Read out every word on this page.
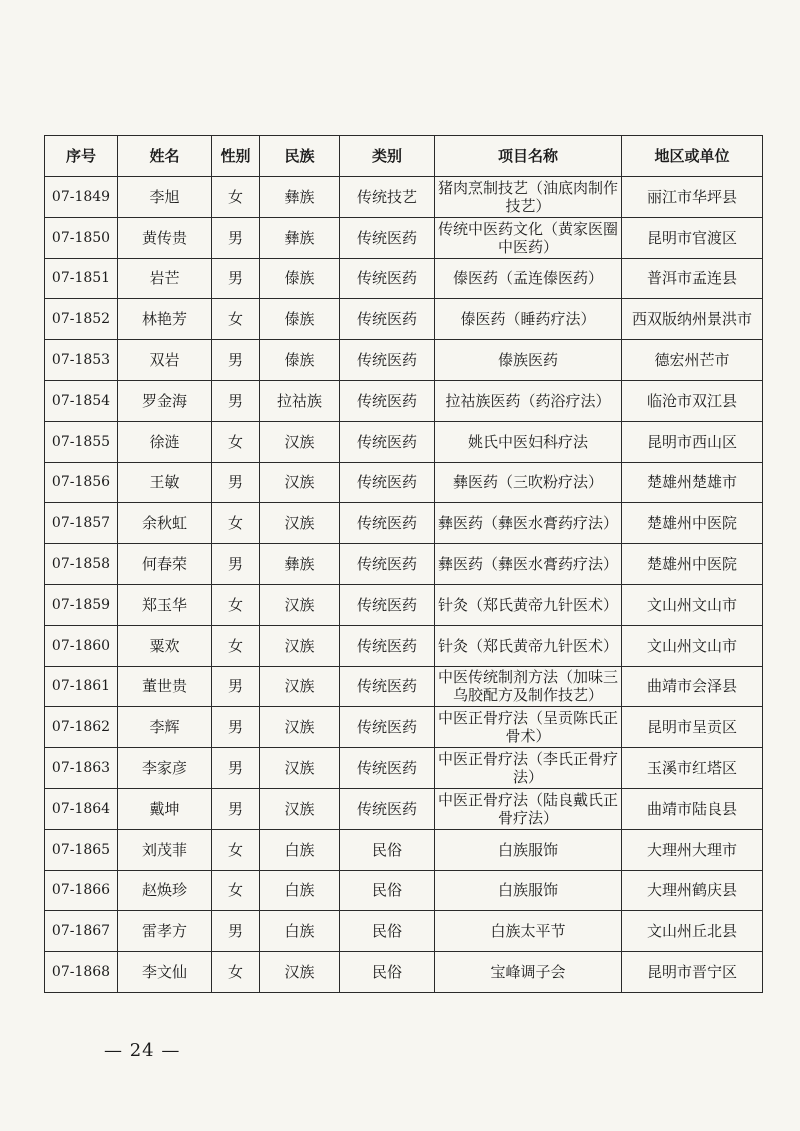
序号	姓名	性别	民族	类别	项目名称	地区或单位
07-1849	李旭	女	彝族	传统技艺	猪肉烹制技艺（油底肉制作技艺）	丽江市华坪县
07-1850	黄传贵	男	彝族	传统医药	传统中医药文化（黄家医圈中医药）	昆明市官渡区
07-1851	岩芒	男	傣族	传统医药	傣医药（孟连傣医药）	普洱市孟连县
07-1852	林艳芳	女	傣族	传统医药	傣医药（睡药疗法）	西双版纳州景洪市
07-1853	双岩	男	傣族	传统医药	傣族医药	德宏州芒市
07-1854	罗金海	男	拉祜族	传统医药	拉祜族医药（药浴疗法）	临沧市双江县
07-1855	徐涟	女	汉族	传统医药	姚氏中医妇科疗法	昆明市西山区
07-1856	王敏	男	汉族	传统医药	彝医药（三吹粉疗法）	楚雄州楚雄市
07-1857	余秋虹	女	汉族	传统医药	彝医药（彝医水膏药疗法）	楚雄州中医院
07-1858	何春荣	男	彝族	传统医药	彝医药（彝医水膏药疗法）	楚雄州中医院
07-1859	郑玉华	女	汉族	传统医药	针灸（郑氏黄帝九针医术）	文山州文山市
07-1860	粟欢	女	汉族	传统医药	针灸（郑氏黄帝九针医术）	文山州文山市
07-1861	董世贵	男	汉族	传统医药	中医传统制剂方法（加味三乌胶配方及制作技艺）	曲靖市会泽县
07-1862	李辉	男	汉族	传统医药	中医正骨疗法（呈贡陈氏正骨术）	昆明市呈贡区
07-1863	李家彦	男	汉族	传统医药	中医正骨疗法（李氏正骨疗法）	玉溪市红塔区
07-1864	戴坤	男	汉族	传统医药	中医正骨疗法（陆良戴氏正骨疗法）	曲靖市陆良县
07-1865	刘茂菲	女	白族	民俗	白族服饰	大理州大理市
07-1866	赵焕珍	女	白族	民俗	白族服饰	大理州鹤庆县
07-1867	雷孝方	男	白族	民俗	白族太平节	文山州丘北县
07-1868	李文仙	女	汉族	民俗	宝峰调子会	昆明市晋宁区
— 24 —
